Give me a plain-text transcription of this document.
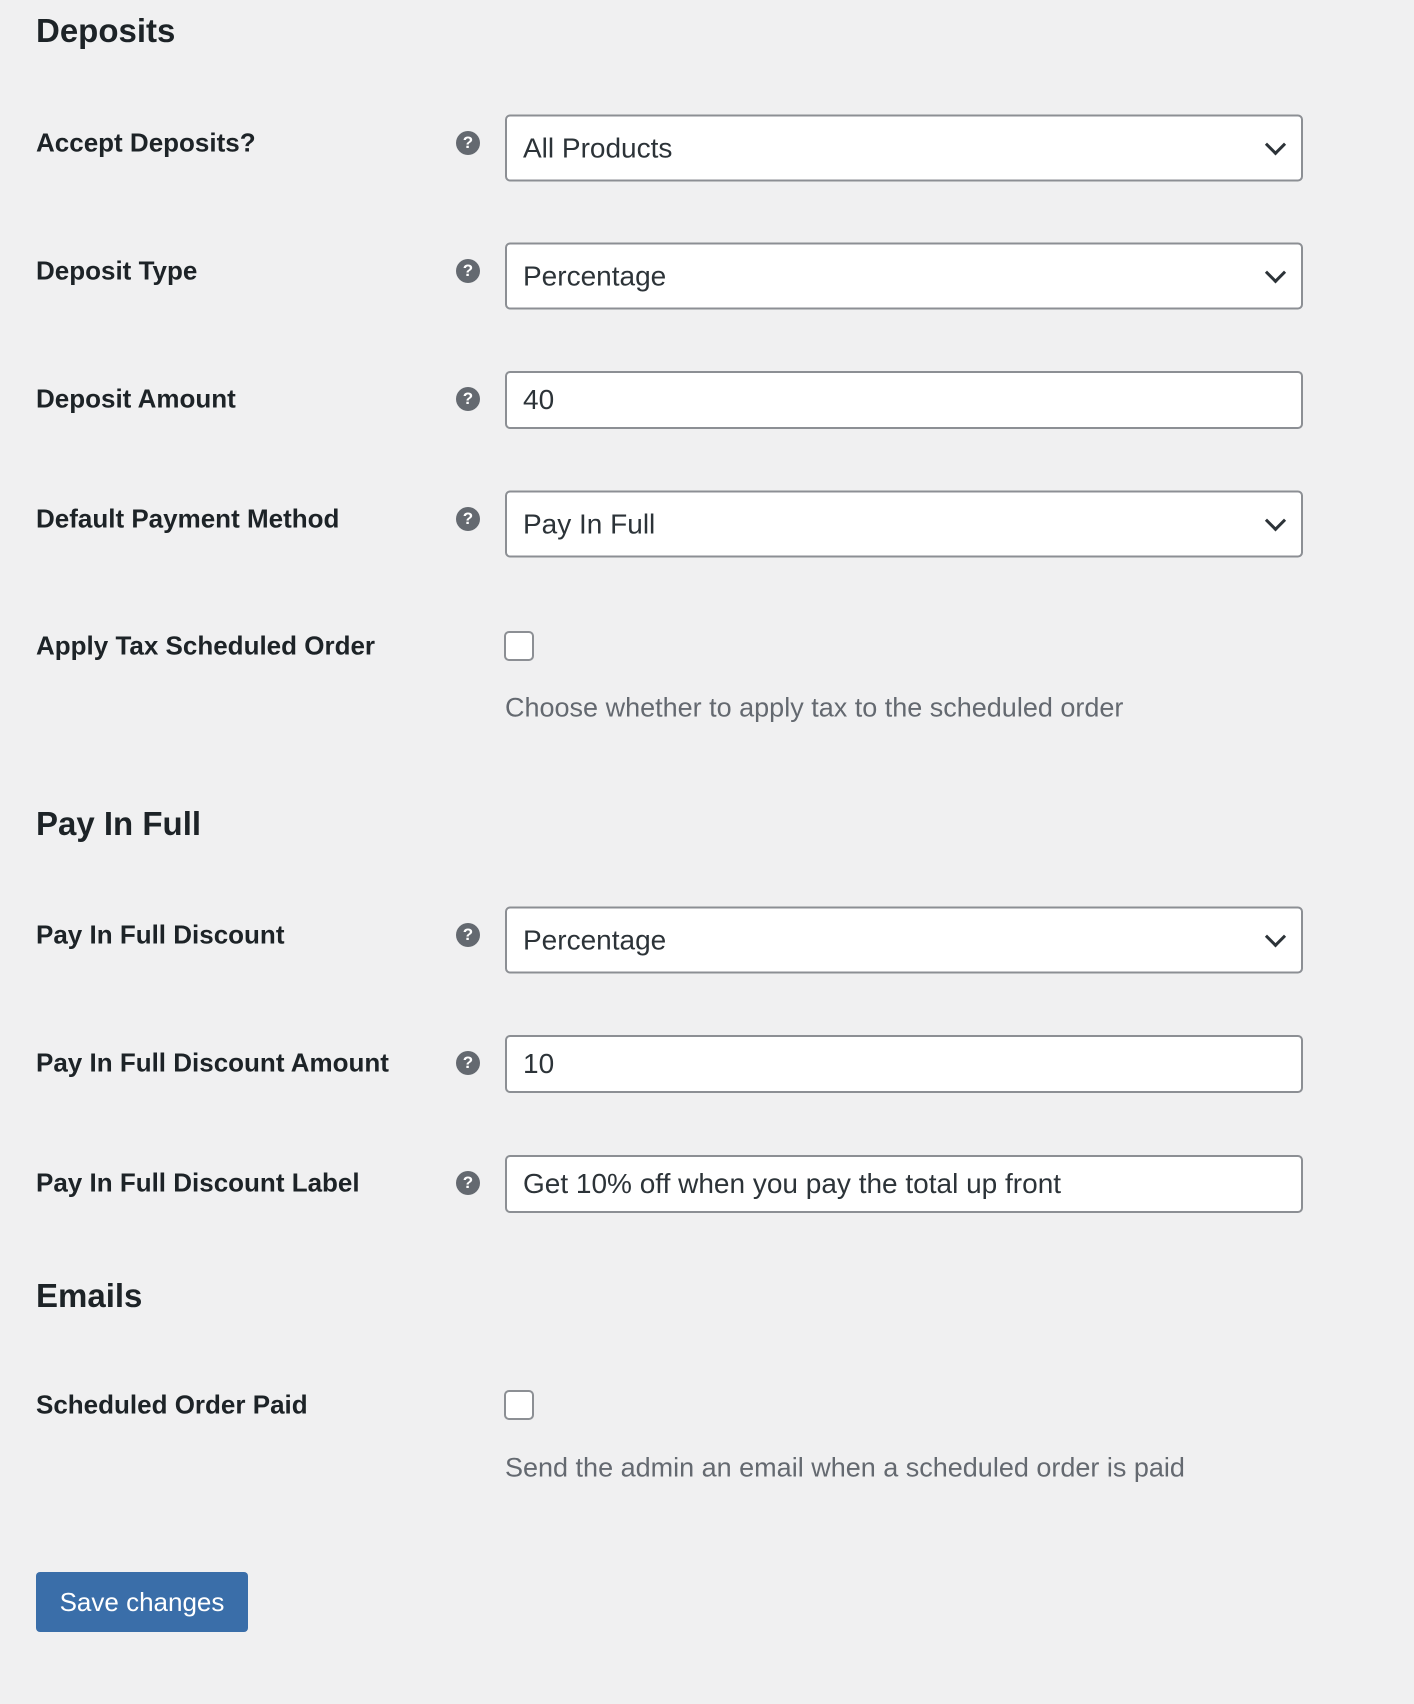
Deposits
Accept Deposits?	? All Products
Deposit Type	? Percentage
Deposit Amount	? 40
Default Payment Method	? Pay In Full
Apply Tax Scheduled Order
Choose whether to apply tax to the scheduled order
Pay In Full
Pay In Full Discount	? Percentage
Pay In Full Discount Amount	? 10
Pay In Full Discount Label	? Get 10% off when you pay the total up front
Emails
Scheduled Order Paid
Send the admin an email when a scheduled order is paid
Save changes
